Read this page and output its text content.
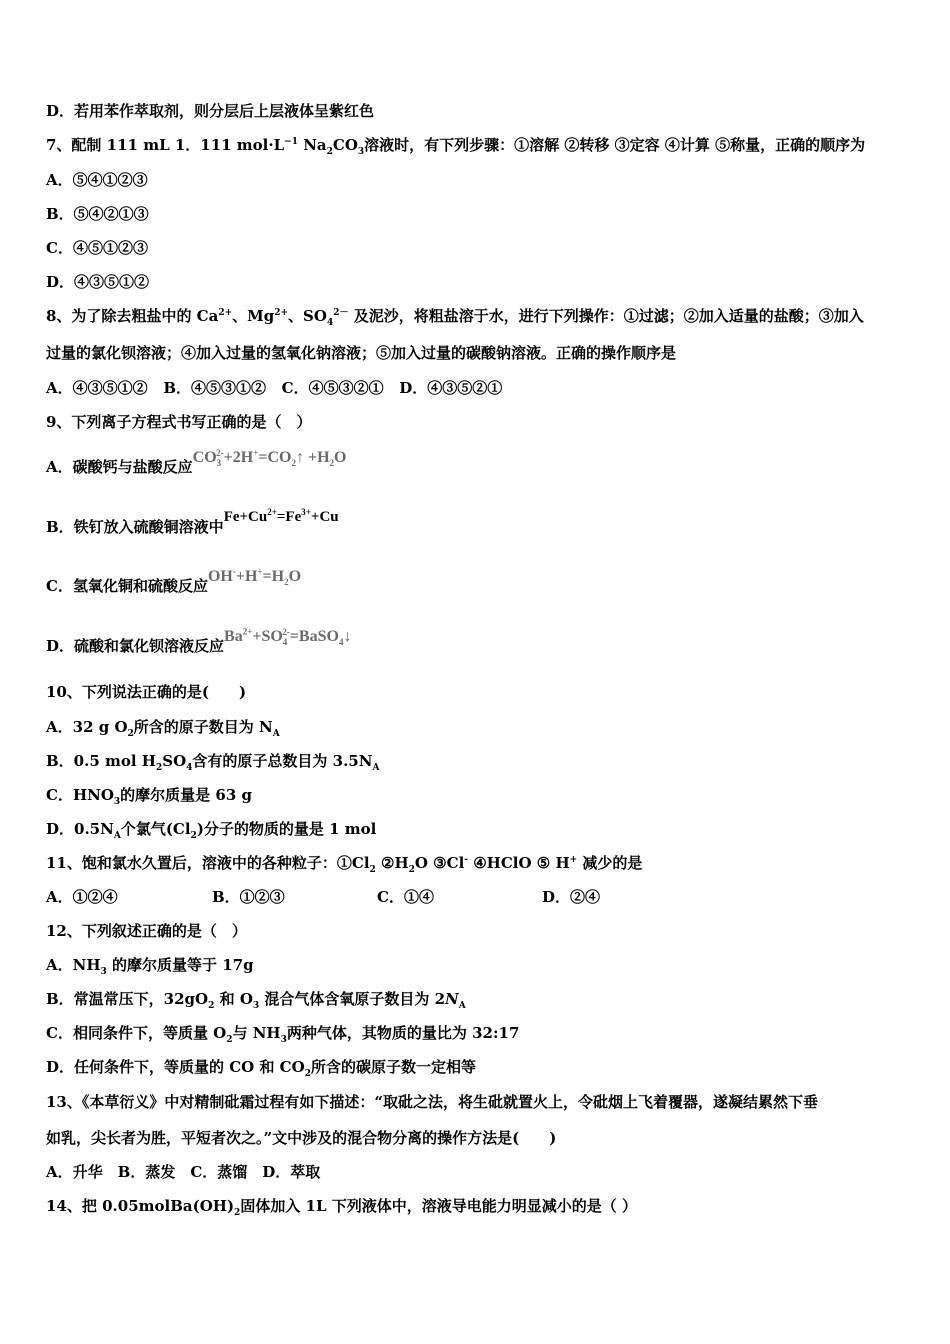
D．若用苯作萃取剂，则分层后上层液体呈紫红色
7、配制 111 mL 1．111 $mol\cdot L^{-1}$ $Na_2CO_3$溶液时，有下列步骤：①溶解 ②转移 ③定容 ④计算 ⑤称量，正确的顺序为
A．⑤④①②③
B．⑤④②①③
C．④⑤①②③
D．④③⑤①②
8、为了除去粗盐中的 $Ca^{2+}$、$Mg^{2+}$、$SO_4^{2-}$ 及泥沙，将粗盐溶于水，进行下列操作：①过滤；②加入适量的盐酸；③加入
过量的氯化钡溶液；④加入过量的氢氧化钠溶液；⑤加入过量的碳酸钠溶液。正确的操作顺序是
A．④③⑤①② B．④⑤③①② C．④⑤③②① D．④③⑤②①
9、下列离子方程式书写正确的是（　）
A．碳酸钙与盐酸反应$CO_3^{2-}+2H^+=CO_2↑ +H_2O$
B．铁钉放入硫酸铜溶液中$Fe+Cu^{2+}=Fe^{3+}+Cu$
C．氢氧化铜和硫酸反应$OH^-+H^+=H_2O$
D．硫酸和氯化钡溶液反应$Ba^{2+}+SO_4^{2-}=BaSO_4↓$
10、下列说法正确的是(　　)
A．32 g $O_2$所含的原子数目为 $N_A$
B．0.5 mol $H_2SO_4$含有的原子总数目为 $3.5N_A$
C．$HNO_3$的摩尔质量是 63 g
D．$0.5N_A$个氯气$(Cl_2)$分子的物质的量是 1 mol
11、饱和氯水久置后，溶液中的各种粒子：$①Cl_2$ $②H_2O$ ③Cl- ④HClO ⑤ H+ 减少的是
A．①②④	B．①②③	C．①④	D．②④
12、下列叙述正确的是（　）
A．$NH_3$ 的摩尔质量等于 17g
B．常温常压下，$32gO_2$ 和 $O_3$ 混合气体含氧原子数目为 $2N_A$
C．相同条件下，等质量 $O_2$与 $NH_3$两种气体，其物质的量比为 32:17
D．任何条件下，等质量的 CO 和 $CO_2$所含的碳原子数一定相等
13、《本草衍义》中对精制砒霜过程有如下描述：“取砒之法，将生砒就置火上，令砒烟上飞着覆器，遂凝结累然下垂
如乳，尖长者为胜，平短者次之。”文中涉及的混合物分离的操作方法是(　　)
A．升华　B．蒸发　C．蒸馏　D．萃取
14、把 $0.05molBa(OH)_2$固体加入 1L 下列液体中，溶液导电能力明显减小的是（ ）
